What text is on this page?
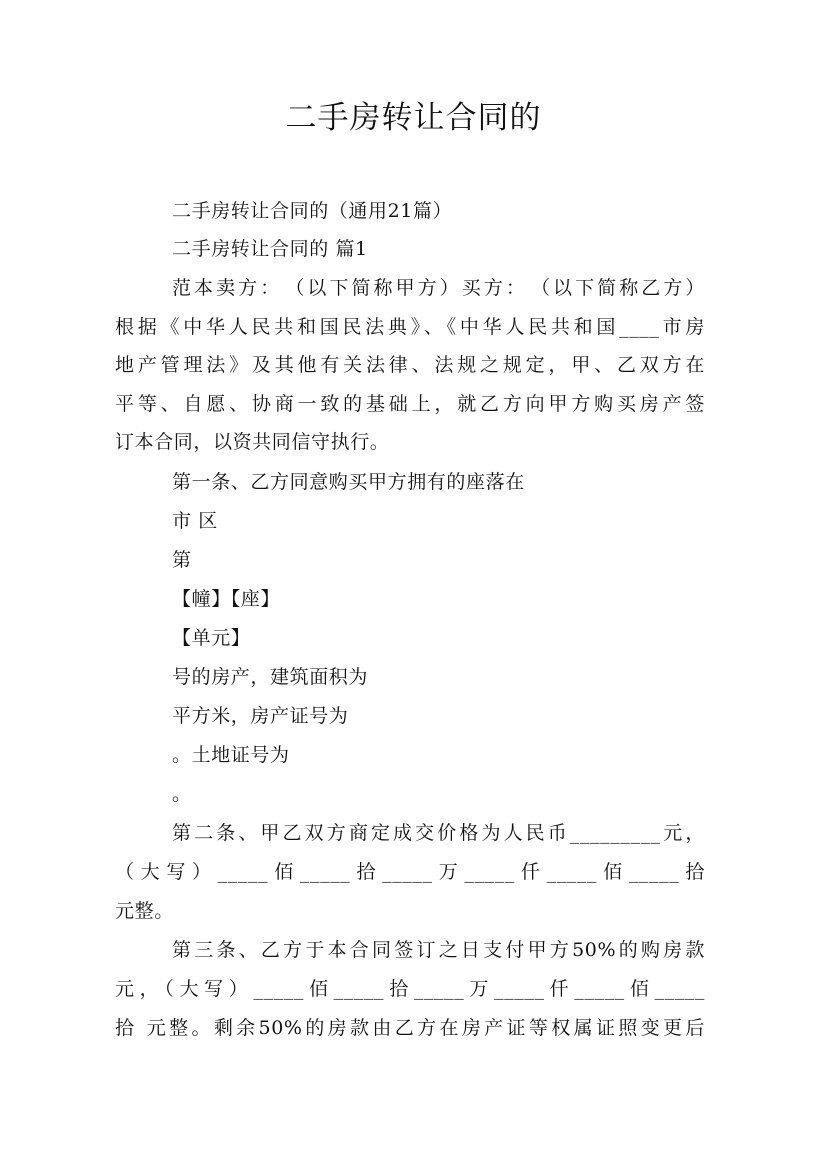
二手房转让合同的
二手房转让合同的（通用21篇）
二手房转让合同的 篇1
范本卖方：　（以下简称甲方）买方：　（以下简称乙方）
根据《中华人民共和国民法典》、《中华人民共和国____市房
地产管理法》及其他有关法律、法规之规定，甲、乙双方在
平等、自愿、协商一致的基础上，就乙方向甲方购买房产签
订本合同，以资共同信守执行。
第一条、乙方同意购买甲方拥有的座落在
市 区
第
【幢】【座】
【单元】
号的房产，建筑面积为
平方米，房产证号为
。土地证号为
。
第二条、甲乙双方商定成交价格为人民币_________元，
（大写）_____佰_____拾_____万_____仟_____佰_____拾
元整。
第三条、乙方于本合同签订之日支付甲方50%的购房款
元，（大写）_____佰_____拾_____万_____仟_____佰_____
拾 元整。剩余50%的房款由乙方在房产证等权属证照变更后
